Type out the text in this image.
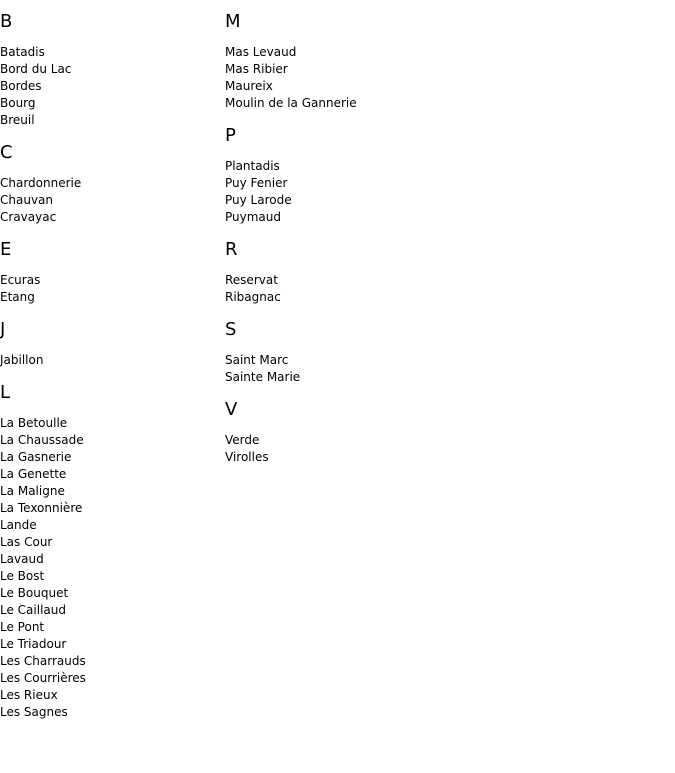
B
Batadis
Bord du Lac
Bordes
Bourg
Breuil
C
Chardonnerie
Chauvan
Cravayac
E
Ecuras
Etang
J
Jabillon
L
La Betoulle
La Chaussade
La Gasnerie
La Genette
La Maligne
La Texonnière
Lande
Las Cour
Lavaud
Le Bost
Le Bouquet
Le Caillaud
Le Pont
Le Triadour
Les Charrauds
Les Courrières
Les Rieux
Les Sagnes
M
Mas Levaud
Mas Ribier
Maureix
Moulin de la Gannerie
P
Plantadis
Puy Fenier
Puy Larode
Puymaud
R
Reservat
Ribagnac
S
Saint Marc
Sainte Marie
V
Verde
Virolles
